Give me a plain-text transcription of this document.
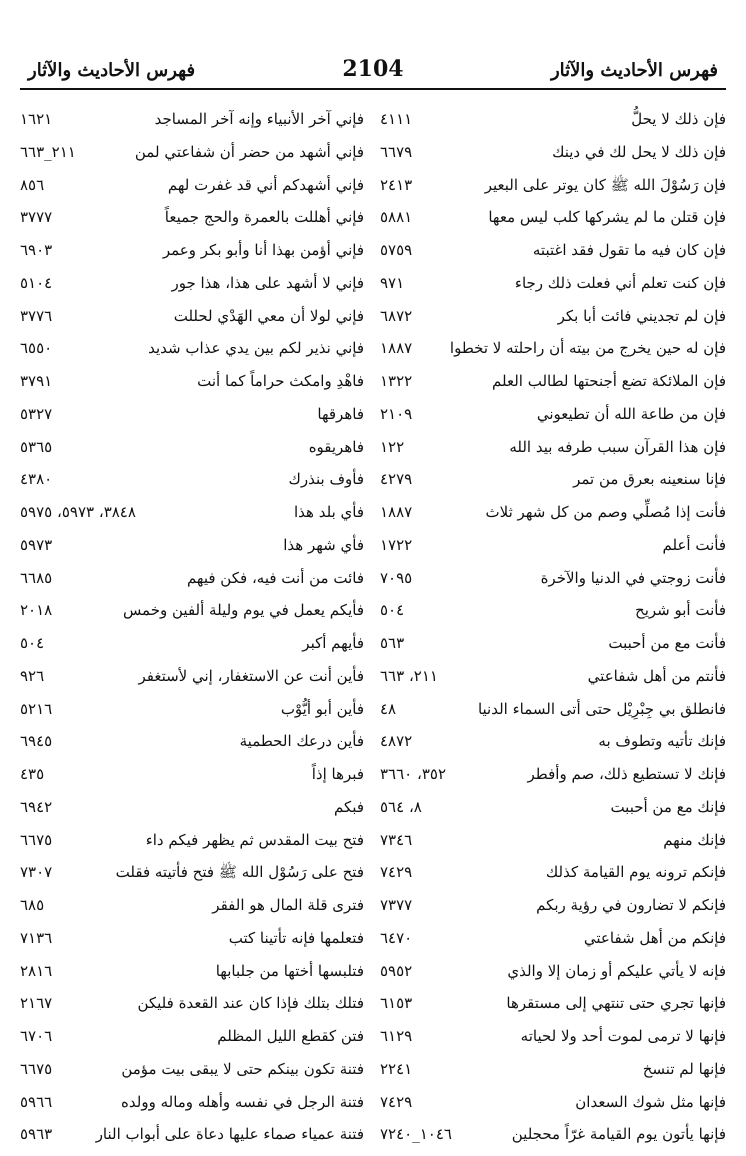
فهرس الأحاديث والآثار	2104	فهرس الأحاديث والآثار
فإن ذلك لا يحلُّ
٤١١١
فإني آخر الأنبياء وإنه آخر المساجد
١٦٢١
فإن ذلك لا يحل لك في دينك
٦٦٧٩
فإني أشهد من حضر أن شفاعتي لمن
٢١١_٦٦٣
فإن رَسُوْلَ الله ﷺ كان يوتر على البعير
٢٤١٣
فإني أشهدكم أني قد غفرت لهم
٨٥٦
فإن قتلن ما لم يشركها كلب ليس معها
٥٨٨١
فإني أهللت بالعمرة والحج جميعاً
٣٧٧٧
فإن كان فيه ما تقول فقد اغتبته
٥٧٥٩
فإني أؤمن بهذا أنا وأبو بكر وعمر
٦٩٠٣
فإن كنت تعلم أني فعلت ذلك رجاء
٩٧١
فإني لا أشهد على هذا، هذا جور
٥١٠٤
فإن لم تجديني فائت أبا بكر
٦٨٧٢
فإني لولا أن معي الهَدْي لحللت
٣٧٧٦
فإن له حين يخرج من بيته أن راحلته لا تخطوا
١٨٨٧
فإني نذير لكم بين يدي عذاب شديد
٦٥٥٠
فإن الملائكة تضع أجنحتها لطالب العلم
١٣٢٢
فاهْدِ وامكث حراماً كما أنت
٣٧٩١
فإن من طاعة الله أن تطيعوني
٢١٠٩
فاهرقها
٥٣٢٧
فإن هذا القرآن سبب طرفه بيد الله
١٢٢
فاهريقوه
٥٣٦٥
فإنا سنعينه بعرق من تمر
٤٢٧٩
فأوف بنذرك
٤٣٨٠
فأنت إذا مُصلِّي وصم من كل شهر ثلاث
١٨٨٧
فأي بلد هذا
٣٨٤٨، ٥٩٧٣، ٥٩٧٥
فأنت أعلم
١٧٢٢
فأي شهر هذا
٥٩٧٣
فأنت زوجتي في الدنيا والآخرة
٧٠٩٥
فائت من أنت فيه، فكن فيهم
٦٦٨٥
فأنت أبو شريح
٥٠٤
فأيكم يعمل في يوم وليلة ألفين وخمس
٢٠١٨
فأنت مع من أحببت
٥٦٣
فأيهم أكبر
٥٠٤
فأنتم من أهل شفاعتي
٢١١، ٦٦٣
فأين أنت عن الاستغفار، إني لأستغفر
٩٢٦
فانطلق بي جِبْرِيْل حتى أتى السماء الدنيا
٤٨
فأين أبو أيُّوْب
٥٢١٦
فإنك تأتيه وتطوف به
٤٨٧٢
فأين درعك الحطمية
٦٩٤٥
فإنك لا تستطيع ذلك، صم وأفطر
٣٥٢، ٣٦٦٠
فبرها إذاً
٤٣٥
فإنك مع من أحببت
٨، ٥٦٤
فبكم
٦٩٤٢
فإنك منهم
٧٣٤٦
فتح بيت المقدس ثم يظهر فيكم داء
٦٦٧٥
فإنكم ترونه يوم القيامة كذلك
٧٤٢٩
فتح على رَسُوْل الله ﷺ فتح فأتيته فقلت
٧٣٠٧
فإنكم لا تضارون في رؤية ربكم
٧٣٧٧
فترى قلة المال هو الفقر
٦٨٥
فإنكم من أهل شفاعتي
٦٤٧٠
فتعلمها فإنه تأتينا كتب
٧١٣٦
فإنه لا يأتي عليكم أو زمان إلا والذي
٥٩٥٢
فتلبسها أختها من جلبابها
٢٨١٦
فإنها تجري حتى تنتهي إلى مستقرها
٦١٥٣
فتلك بتلك فإذا كان عند القعدة فليكن
٢١٦٧
فإنها لا ترمى لموت أحد ولا لحياته
٦١٢٩
فتن كقطع الليل المظلم
٦٧٠٦
فإنها لم تنسخ
٢٢٤١
فتنة تكون بينكم حتى لا يبقى بيت مؤمن
٦٦٧٥
فإنها مثل شوك السعدان
٧٤٢٩
فتنة الرجل في نفسه وأهله وماله وولده
٥٩٦٦
فإنها يأتون يوم القيامة غرّاً محجلين
١٠٤٦_٧٢٤٠
فتنة عمياء صماء عليها دعاة على أبواب النار
٥٩٦٣
